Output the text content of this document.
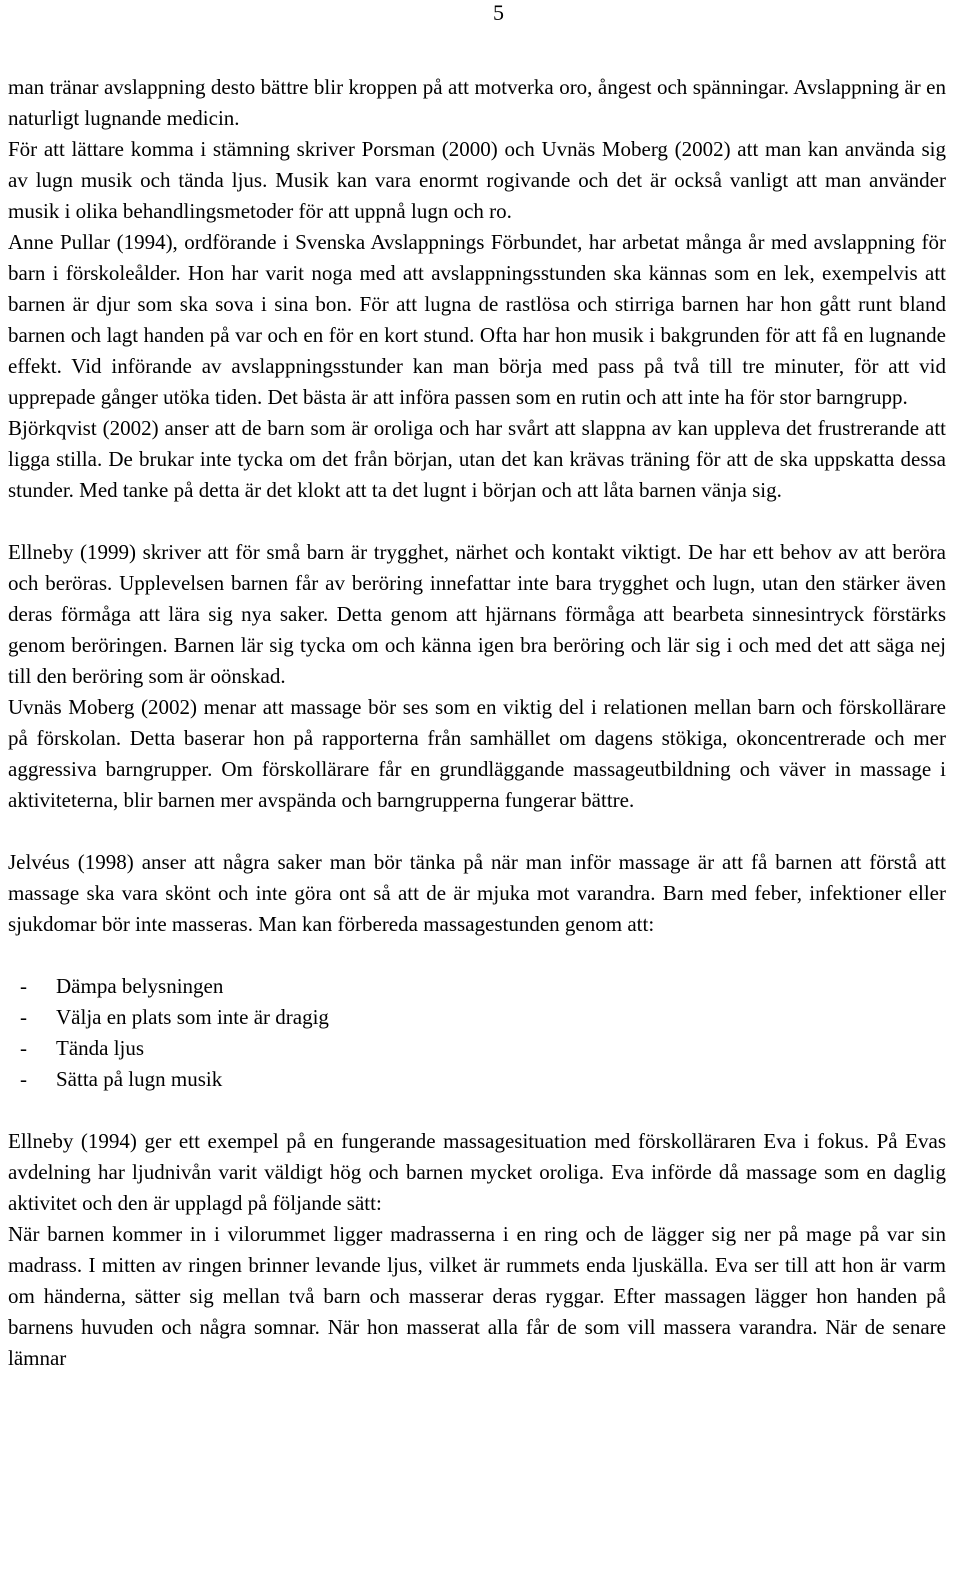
5

man tränar avslappning desto bättre blir kroppen på att motverka oro, ångest och spänningar. Avslappning är en naturligt lugnande medicin.

För att lättare komma i stämning skriver Porsman (2000) och Uvnäs Moberg (2002) att man kan använda sig av lugn musik och tända ljus. Musik kan vara enormt rogivande och det är också vanligt att man använder musik i olika behandlingsmetoder för att uppnå lugn och ro.

Anne Pullar (1994), ordförande i Svenska Avslappnings Förbundet, har arbetat många år med avslappning för barn i förskoleålder. Hon har varit noga med att avslappningsstunden ska kännas som en lek, exempelvis att barnen är djur som ska sova i sina bon. För att lugna de rastlösa och stirriga barnen har hon gått runt bland barnen och lagt handen på var och en för en kort stund. Ofta har hon musik i bakgrunden för att få en lugnande effekt. Vid införande av avslappningsstunder kan man börja med pass på två till tre minuter, för att vid upprepade gånger utöka tiden. Det bästa är att införa passen som en rutin och att inte ha för stor barngrupp.

Björkqvist (2002) anser att de barn som är oroliga och har svårt att slappna av kan uppleva det frustrerande att ligga stilla. De brukar inte tycka om det från början, utan det kan krävas träning för att de ska uppskatta dessa stunder. Med tanke på detta är det klokt att ta det lugnt i början och att låta barnen vänja sig.

Ellneby (1999) skriver att för små barn är trygghet, närhet och kontakt viktigt. De har ett behov av att beröra och beröras. Upplevelsen barnen får av beröring innefattar inte bara trygghet och lugn, utan den stärker även deras förmåga att lära sig nya saker. Detta genom att hjärnans förmåga att bearbeta sinnesintryck förstärks genom beröringen. Barnen lär sig tycka om och känna igen bra beröring och lär sig i och med det att säga nej till den beröring som är oönskad.

Uvnäs Moberg (2002) menar att massage bör ses som en viktig del i relationen mellan barn och förskollärare på förskolan. Detta baserar hon på rapporterna från samhället om dagens stökiga, okoncentrerade och mer aggressiva barngrupper. Om förskollärare får en grundläggande massageutbildning och väver in massage i aktiviteterna, blir barnen mer avspända och barngrupperna fungerar bättre.

Jelvéus (1998) anser att några saker man bör tänka på när man inför massage är att få barnen att förstå att massage ska vara skönt och inte göra ont så att de är mjuka mot varandra. Barn med feber, infektioner eller sjukdomar bör inte masseras. Man kan förbereda massagestunden genom att:

- Dämpa belysningen
- Välja en plats som inte är dragig
- Tända ljus
- Sätta på lugn musik

Ellneby (1994) ger ett exempel på en fungerande massagesituation med förskolläraren Eva i fokus. På Evas avdelning har ljudnivån varit väldigt hög och barnen mycket oroliga. Eva införde då massage som en daglig aktivitet och den är upplagd på följande sätt:

När barnen kommer in i vilorummet ligger madrasserna i en ring och de lägger sig ner på mage på var sin madrass. I mitten av ringen brinner levande ljus, vilket är rummets enda ljuskälla. Eva ser till att hon är varm om händerna, sätter sig mellan två barn och masserar deras ryggar. Efter massagen lägger hon handen på barnens huvuden och några somnar. När hon masserat alla får de som vill massera varandra. När de senare lämnar
